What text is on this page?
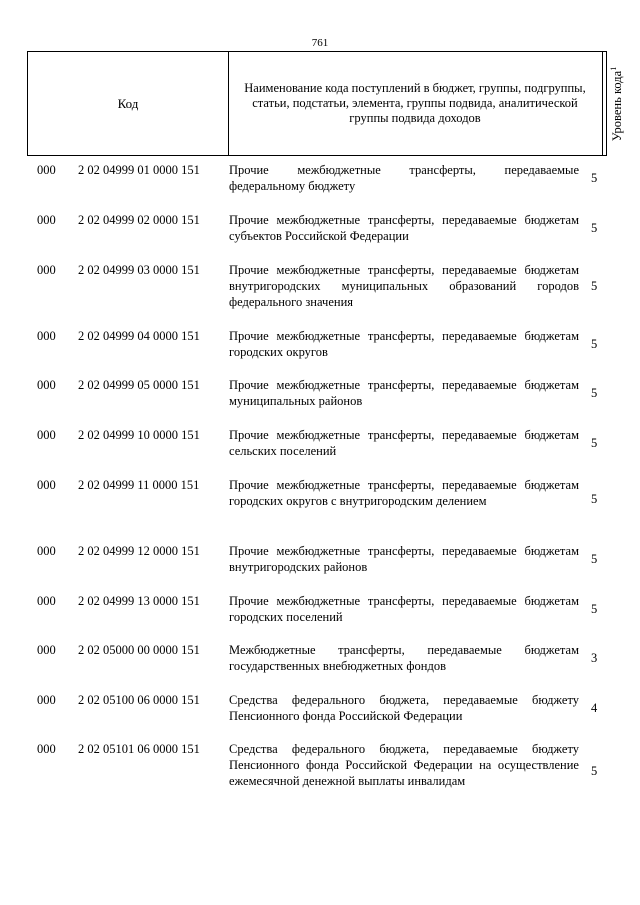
761
Код
Наименование кода поступлений в бюджет, группы, подгруппы, статьи, подстатьи, элемента, группы подвида, аналитической группы подвида доходов	Уровень кода$^1$
000 2 02 04999 01 0000 151 Прочие межбюджетные трансферты, передаваемые федеральному бюджету
5
000 2 02 04999 02 0000 151 Прочие межбюджетные трансферты, передаваемые бюджетам субъектов Российской Федерации
5
000 2 02 04999 03 0000 151 Прочие межбюджетные трансферты, передаваемые бюджетам внутригородских муниципальных образований городов федерального значения
5
000 2 02 04999 04 0000 151 Прочие межбюджетные трансферты, передаваемые бюджетам городских округов
5
000 2 02 04999 05 0000 151 Прочие межбюджетные трансферты, передаваемые бюджетам муниципальных районов
5
000 2 02 04999 10 0000 151 Прочие межбюджетные трансферты, передаваемые бюджетам сельских поселений
5
000 2 02 04999 11 0000 151 Прочие межбюджетные трансферты, передаваемые бюджетам городских округов с внутригородским делением	5
000 2 02 04999 12 0000 151 Прочие межбюджетные трансферты, передаваемые бюджетам внутригородских районов
5
000 2 02 04999 13 0000 151 Прочие межбюджетные трансферты, передаваемые бюджетам городских поселений
5
000 2 02 05000 00 0000 151 Межбюджетные трансферты, передаваемые бюджетам государственных внебюджетных фондов
3
000 2 02 05100 06 0000 151 Средства федерального бюджета, передаваемые бюджету Пенсионного фонда Российской Федерации
4
000 2 02 05101 06 0000 151 Средства федерального бюджета, передаваемые бюджету Пенсионного фонда Российской Федерации на осуществление ежемесячной денежной выплаты инвалидам
5
